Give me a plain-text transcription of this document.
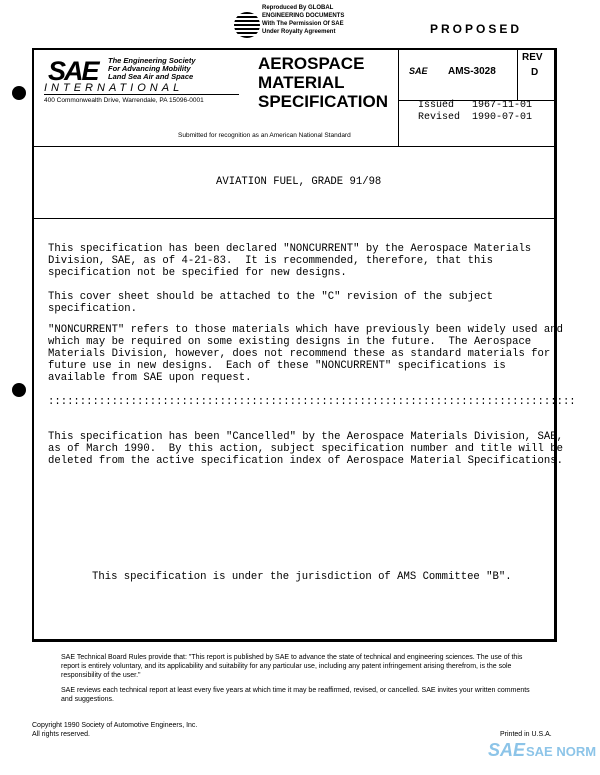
Reproduced By GLOBAL
ENGINEERING DOCUMENTS
With The Permission Of SAE
Under Royalty Agreement	PROPOSED
SAE The Engineering Society
For Advancing Mobility
Land Sea Air and Space
INTERNATIONAL
400 Commonwealth Drive, Warrendale, PA 15096-0001
AEROSPACE
MATERIAL
SPECIFICATION
SAE AMS-3028
REV
D
Issued   1967-11-01
Revised  1990-07-01
Submitted for recognition as an American National Standard
AVIATION FUEL, GRADE 91/98
This specification has been declared "NONCURRENT" by the Aerospace Materials
Division, SAE, as of 4-21-83.  It is recommended, therefore, that this
specification not be specified for new designs.
This cover sheet should be attached to the "C" revision of the subject
specification.
"NONCURRENT" refers to those materials which have previously been widely used and
which may be required on some existing designs in the future.  The Aerospace
Materials Division, however, does not recommend these as standard materials for
future use in new designs.  Each of these "NONCURRENT" specifications is
available from SAE upon request.
:::::::::::::::::::::::::::::::::::::::::::::::::::::::::::::::::::::::::::::::::::
This specification has been "Cancelled" by the Aerospace Materials Division, SAE,
as of March 1990.  By this action, subject specification number and title will be
deleted from the active specification index of Aerospace Material Specifications.
This specification is under the jurisdiction of AMS Committee "B".
SAE Technical Board Rules provide that: "This report is published by SAE to advance the state of technical and engineering sciences. The use of this report is entirely voluntary, and its applicability and suitability for any particular use, including any patent infringement arising therefrom, is the sole responsibility of the user."
SAE reviews each technical report at least every five years at which time it may be reaffirmed, revised, or cancelled. SAE invites your written comments and suggestions.
Copyright 1990 Society of Automotive Engineers, Inc.
All rights reserved.	Printed in U.S.A.
SAE SAE NORM
